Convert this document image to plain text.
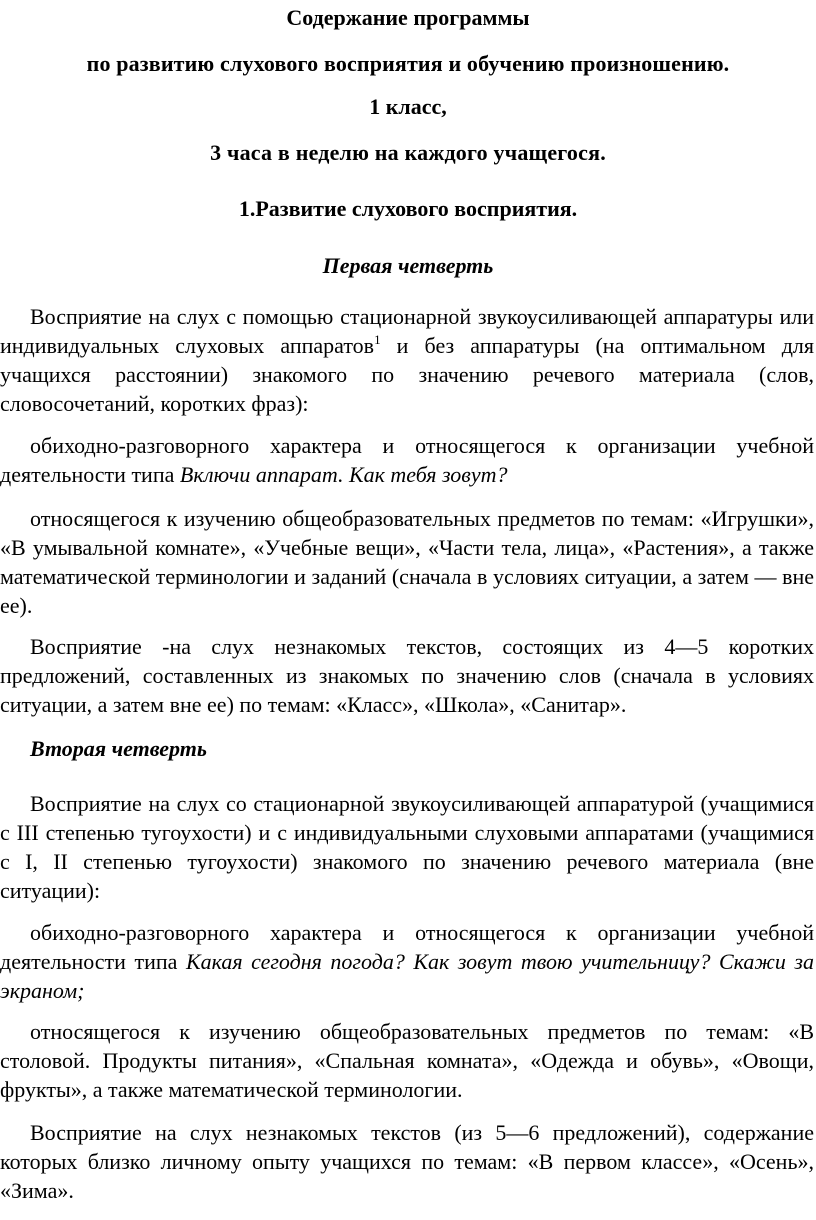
Содержание программы

по развитию слухового восприятия и обучению произношению.

1 класс,

3 часа в неделю на каждого учащегося.

1.Развитие слухового восприятия.

Первая четверть

Восприятие на слух с помощью стационарной звукоусиливающей аппаратуры или индивидуальных слуховых аппаратов$^1$ и без аппаратуры (на оптимальном для учащихся расстоянии) знакомого по значению речевого материала (слов, словосочетаний, коротких фраз):

обиходно-разговорного характера и относящегося к организации учебной деятельности типа Включи аппарат. Как тебя зовут?

относящегося к изучению общеобразовательных предметов по темам: «Игрушки», «В умывальной комнате», «Учебные вещи», «Части тела, лица», «Растения», а также математической терминологии и заданий (сначала в условиях ситуации, а затем — вне ее).

Восприятие -на слух незнакомых текстов, состоящих из 4—5 коротких предложений, составленных из знакомых по значению слов (сначала в условиях ситуации, а затем вне ее) по темам: «Класс», «Школа», «Санитар».

Вторая четверть

Восприятие на слух со стационарной звукоусиливающей аппаратурой (учащимися с III степенью тугоухости) и с индивидуальными слуховыми аппаратами (учащимися с I, II степенью тугоухости) знакомого по значению речевого материала (вне ситуации):

обиходно-разговорного характера и относящегося к организации учебной деятельности типа Какая сегодня погода? Как зовут твою учительницу? Скажи за экраном;

относящегося к изучению общеобразовательных предметов по темам: «В столовой. Продукты питания», «Спальная комната», «Одежда и обувь», «Овощи, фрукты», а также математической терминологии.

Восприятие на слух незнакомых текстов (из 5—6 предложений), содержание которых близко личному опыту учащихся по темам: «В первом классе», «Осень», «Зима».
